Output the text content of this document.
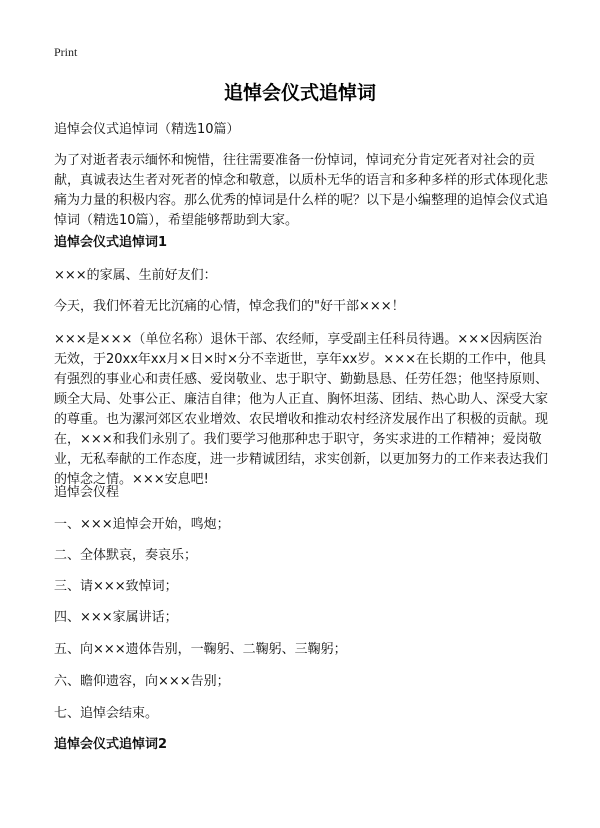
Print
追悼会仪式追悼词
追悼会仪式追悼词（精选10篇）
为了对逝者表示缅怀和惋惜，往往需要准备一份悼词，悼词充分肯定死者对社会的贡献，真诚表达生者对死者的悼念和敬意，以质朴无华的语言和多种多样的形式体现化悲痛为力量的积极内容。那么优秀的悼词是什么样的呢？以下是小编整理的追悼会仪式追悼词（精选10篇），希望能够帮助到大家。
追悼会仪式追悼词1
×××的家属、生前好友们：
今天，我们怀着无比沉痛的心情，悼念我们的"好干部×××！
×××是×××（单位名称）退休干部、农经师，享受副主任科员待遇。×××因病医治无效，于20xx年xx月×日×时×分不幸逝世，享年xx岁。×××在长期的工作中，他具有强烈的事业心和责任感、爱岗敬业、忠于职守、勤勤恳恳、任劳任怨；他坚持原则、顾全大局、处事公正、廉洁自律；他为人正直、胸怀坦荡、团结、热心助人、深受大家的尊重。也为漯河郊区农业增效、农民增收和推动农村经济发展作出了积极的贡献。现在，×××和我们永别了。我们要学习他那种忠于职守，务实求进的工作精神；爱岗敬业，无私奉献的工作态度，进一步精诚团结，求实创新，以更加努力的工作来表达我们的悼念之情。×××安息吧!
追悼会仪程
一、×××追悼会开始，鸣炮；
二、全体默哀，奏哀乐；
三、请×××致悼词；
四、×××家属讲话；
五、向×××遗体告别，一鞠躬、二鞠躬、三鞠躬；
六、瞻仰遗容，向×××告别；
七、追悼会结束。
追悼会仪式追悼词2
